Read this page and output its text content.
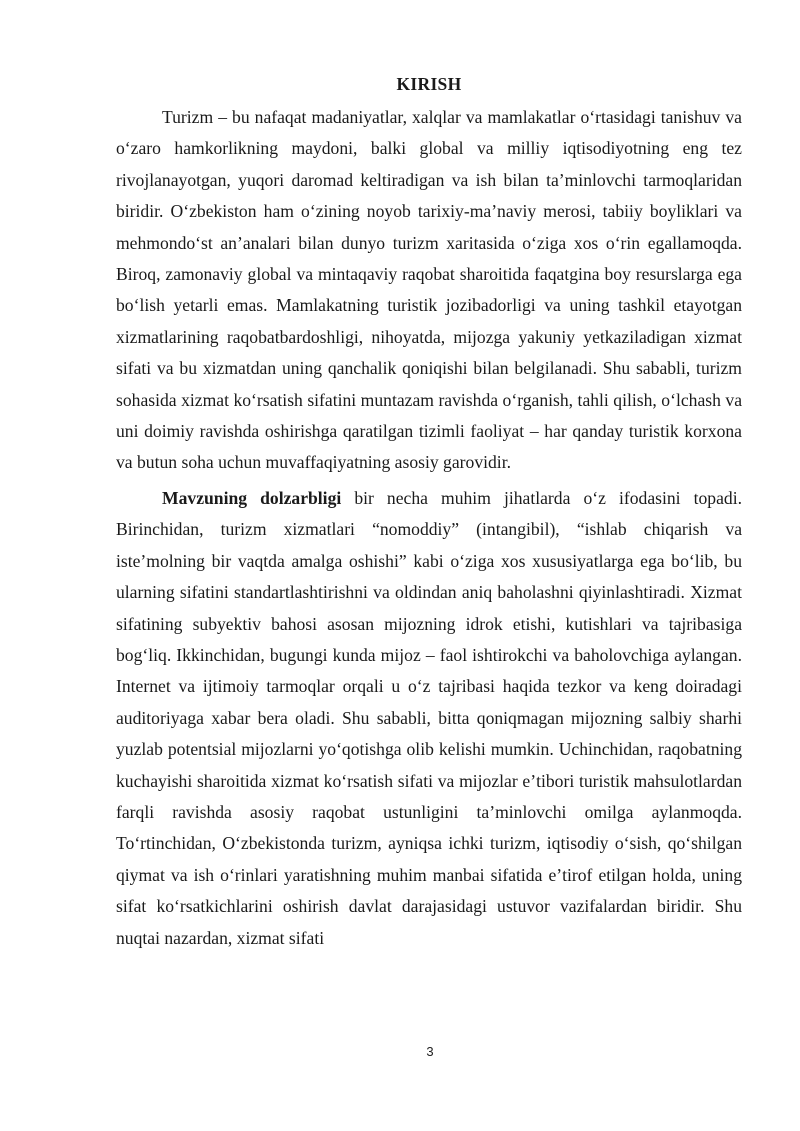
KIRISH

Turizm – bu nafaqat madaniyatlar, xalqlar va mamlakatlar oʻrtasidagi tanishuv va oʻzaro hamkorlikning maydoni, balki global va milliy iqtisodiyotning eng tez rivojlanayotgan, yuqori daromad keltiradigan va ish bilan taʼminlovchi tarmoqlaridan biridir. Oʻzbekiston ham oʻzining noyob tarixiy-maʼnaviy merosi, tabiiy boyliklari va mehmondoʻst anʼanalari bilan dunyo turizm xaritasida oʻziga xos oʻrin egallamoqda. Biroq, zamonaviy global va mintaqaviy raqobat sharoitida faqatgina boy resurslarga ega boʻlish yetarli emas. Mamlakatning turistik jozibadorligi va uning tashkil etayotgan xizmatlarining raqobatbardoshligi, nihoyatda, mijozga yakuniy yetkaziladigan xizmat sifati va bu xizmatdan uning qanchalik qoniqishi bilan belgilanadi. Shu sababli, turizm sohasida xizmat koʻrsatish sifatini muntazam ravishda oʻrganish, tahli qilish, oʻlchash va uni doimiy ravishda oshirishga qaratilgan tizimli faoliyat – har qanday turistik korxona va butun soha uchun muvaffaqiyatning asosiy garovidir.

Mavzuning dolzarbligi bir necha muhim jihatlarda oʻz ifodasini topadi. Birinchidan, turizm xizmatlari “nomoddiy” (intangibil), “ishlab chiqarish va isteʼmolning bir vaqtda amalga oshishi” kabi oʻziga xos xususiyatlarga ega boʻlib, bu ularning sifatini standartlashtirishni va oldindan aniq baholashni qiyinlashtiradi. Xizmat sifatining subyektiv bahosi asosan mijozning idrok etishi, kutishlari va tajribasiga bogʻliq. Ikkinchidan, bugungi kunda mijoz – faol ishtirokchi va baholovchiga aylangan. Internet va ijtimoiy tarmoqlar orqali u oʻz tajribasi haqida tezkor va keng doiradagi auditoriyaga xabar bera oladi. Shu sababli, bitta qoniqmagan mijozning salbiy sharhi yuzlab potentsial mijozlarni yoʻqotishga olib kelishi mumkin. Uchinchidan, raqobatning kuchayishi sharoitida xizmat koʻrsatish sifati va mijozlar eʼtibori turistik mahsulotlardan farqli ravishda asosiy raqobat ustunligini taʼminlovchi omilga aylanmoqda. Toʻrtinchidan, Oʻzbekistonda turizm, ayniqsa ichki turizm, iqtisodiy oʻsish, qoʻshilgan qiymat va ish oʻrinlari yaratishning muhim manbai sifatida eʼtirof etilgan holda, uning sifat koʻrsatkichlarini oshirish davlat darajasidagi ustuvor vazifalardan biridir. Shu nuqtai nazardan, xizmat sifati

3
